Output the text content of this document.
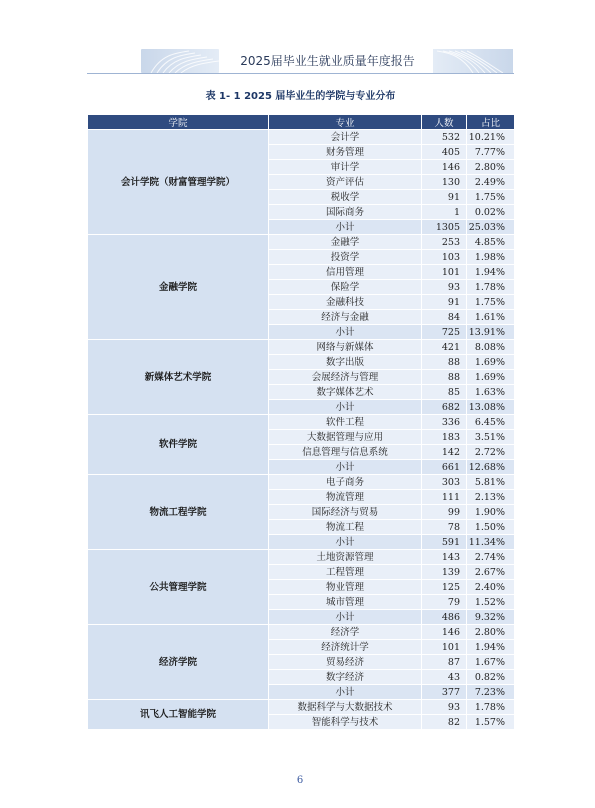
2025届毕业生就业质量年度报告
表 1- 1 2025 届毕业生的学院与专业分布
学院	专业	人数	占比
会计学院（财富管理学院）	会计学	532	10.21%
	财务管理	405	7.77%
	审计学	146	2.80%
	资产评估	130	2.49%
	税收学	91	1.75%
	国际商务	1	0.02%
	小计	1305	25.03%
金融学院	金融学	253	4.85%
	投资学	103	1.98%
	信用管理	101	1.94%
	保险学	93	1.78%
	金融科技	91	1.75%
	经济与金融	84	1.61%
	小计	725	13.91%
新媒体艺术学院	网络与新媒体	421	8.08%
	数字出版	88	1.69%
	会展经济与管理	88	1.69%
	数字媒体艺术	85	1.63%
	小计	682	13.08%
软件学院	软件工程	336	6.45%
	大数据管理与应用	183	3.51%
	信息管理与信息系统	142	2.72%
	小计	661	12.68%
物流工程学院	电子商务	303	5.81%
	物流管理	111	2.13%
	国际经济与贸易	99	1.90%
	物流工程	78	1.50%
	小计	591	11.34%
公共管理学院	土地资源管理	143	2.74%
	工程管理	139	2.67%
	物业管理	125	2.40%
	城市管理	79	1.52%
	小计	486	9.32%
经济学院	经济学	146	2.80%
	经济统计学	101	1.94%
	贸易经济	87	1.67%
	数字经济	43	0.82%
	小计	377	7.23%
讯飞人工智能学院	数据科学与大数据技术	93	1.78%
	智能科学与技术	82	1.57%
6
